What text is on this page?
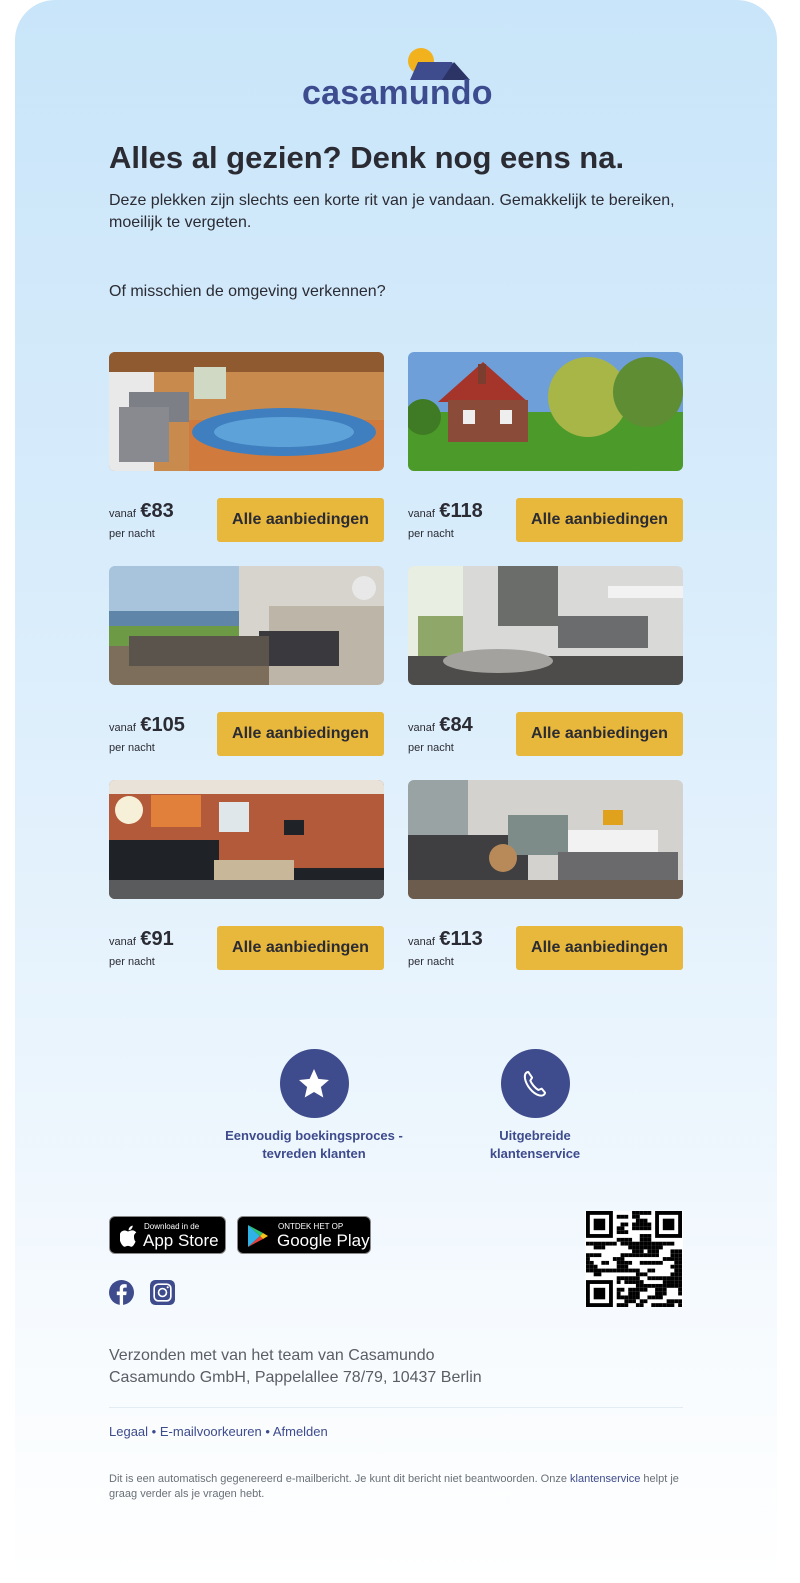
casamundo
Alles al gezien? Denk nog eens na.
Deze plekken zijn slechts een korte rit van je vandaan. Gemakkelijk te bereiken, moeilijk te vergeten.
Of misschien de omgeving verkennen?
vanaf €83
per nacht
Alle aanbiedingen	vanaf €118
per nacht
Alle aanbiedingen
vanaf €105
per nacht
Alle aanbiedingen	vanaf €84
per nacht
Alle aanbiedingen
vanaf €91
per nacht
Alle aanbiedingen	vanaf €113
per nacht
Alle aanbiedingen
Eenvoudig boekingsproces -
tevreden klanten
Uitgebreide
klantenservice
Download in de
App Store
ONTDEK HET OP
Google Play
Verzonden met van het team van Casamundo
Casamundo GmbH, Pappelallee 78/79, 10437 Berlin
Legaal • E-mailvoorkeuren • Afmelden
Dit is een automatisch gegenereerd e-mailbericht. Je kunt dit bericht niet beantwoorden. Onze klantenservice helpt je graag verder als je vragen hebt.
